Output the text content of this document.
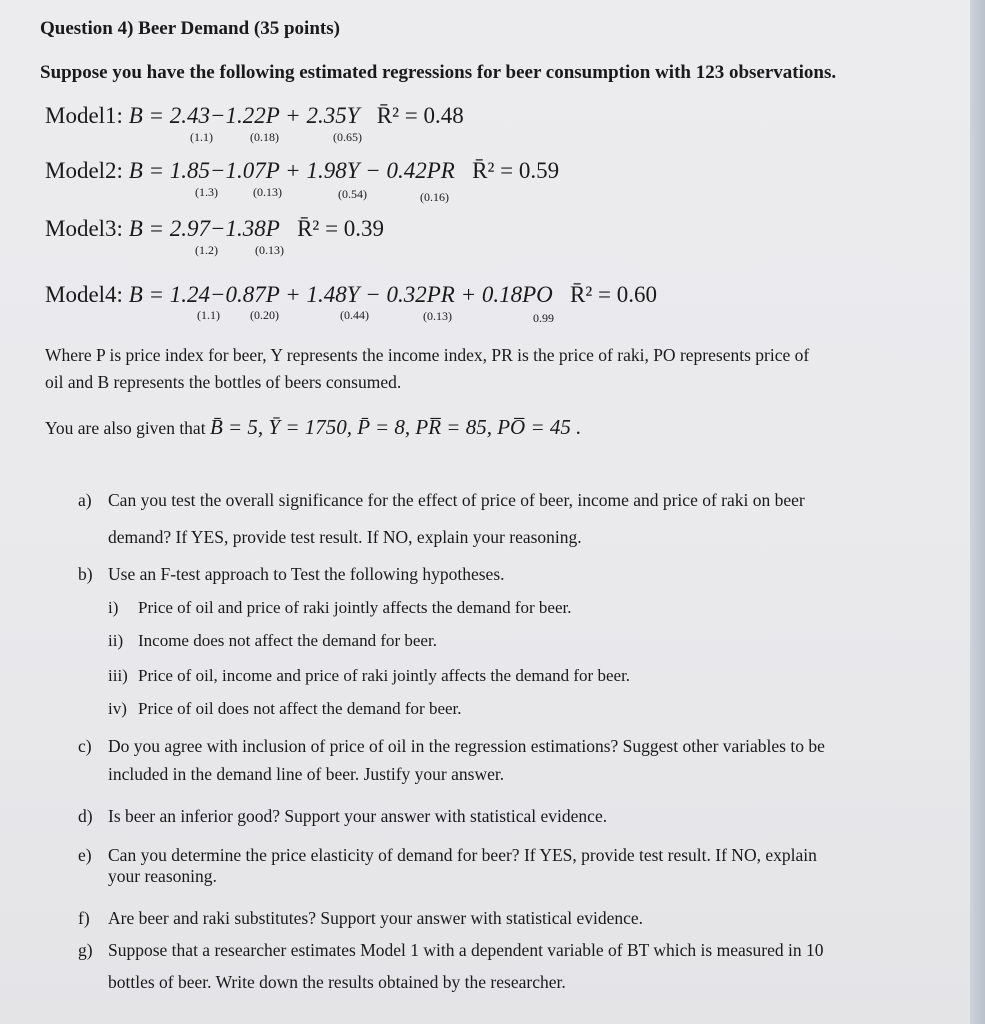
Question 4) Beer Demand (35 points)
Suppose you have the following estimated regressions for beer consumption with 123 observations.
Model1: B = 2.43−1.22P + 2.35Y R̄² = 0.48
(1.1)	(0.18)	(0.65)
Model2: B = 1.85−1.07P + 1.98Y − 0.42PR R̄² = 0.59
(1.3)	(0.13)	(0.54)	(0.16)
Model3: B = 2.97−1.38P R̄² = 0.39
(1.2)	(0.13)
Model4: B = 1.24−0.87P + 1.48Y − 0.32PR + 0.18PO R̄² = 0.60
(1.1)	(0.20)	(0.44)	(0.13)	0.99
Where P is price index for beer, Y represents the income index, PR is the price of raki, PO represents price of
oil and B represents the bottles of beers consumed.
You are also given that B̄ = 5, Ȳ = 1750, P̄ = 8, PR̅ = 85, PO̅ = 45 .
a) Can you test the overall significance for the effect of price of beer, income and price of raki on beer
demand? If YES, provide test result. If NO, explain your reasoning.
b) Use an F-test approach to Test the following hypotheses.
i) Price of oil and price of raki jointly affects the demand for beer.
ii) Income does not affect the demand for beer.
iii) Price of oil, income and price of raki jointly affects the demand for beer.
iv) Price of oil does not affect the demand for beer.
c) Do you agree with inclusion of price of oil in the regression estimations? Suggest other variables to be
included in the demand line of beer. Justify your answer.
d) Is beer an inferior good? Support your answer with statistical evidence.
e) Can you determine the price elasticity of demand for beer? If YES, provide test result. If NO, explain
your reasoning.
f) Are beer and raki substitutes? Support your answer with statistical evidence.
g) Suppose that a researcher estimates Model 1 with a dependent variable of BT which is measured in 10
bottles of beer. Write down the results obtained by the researcher.
